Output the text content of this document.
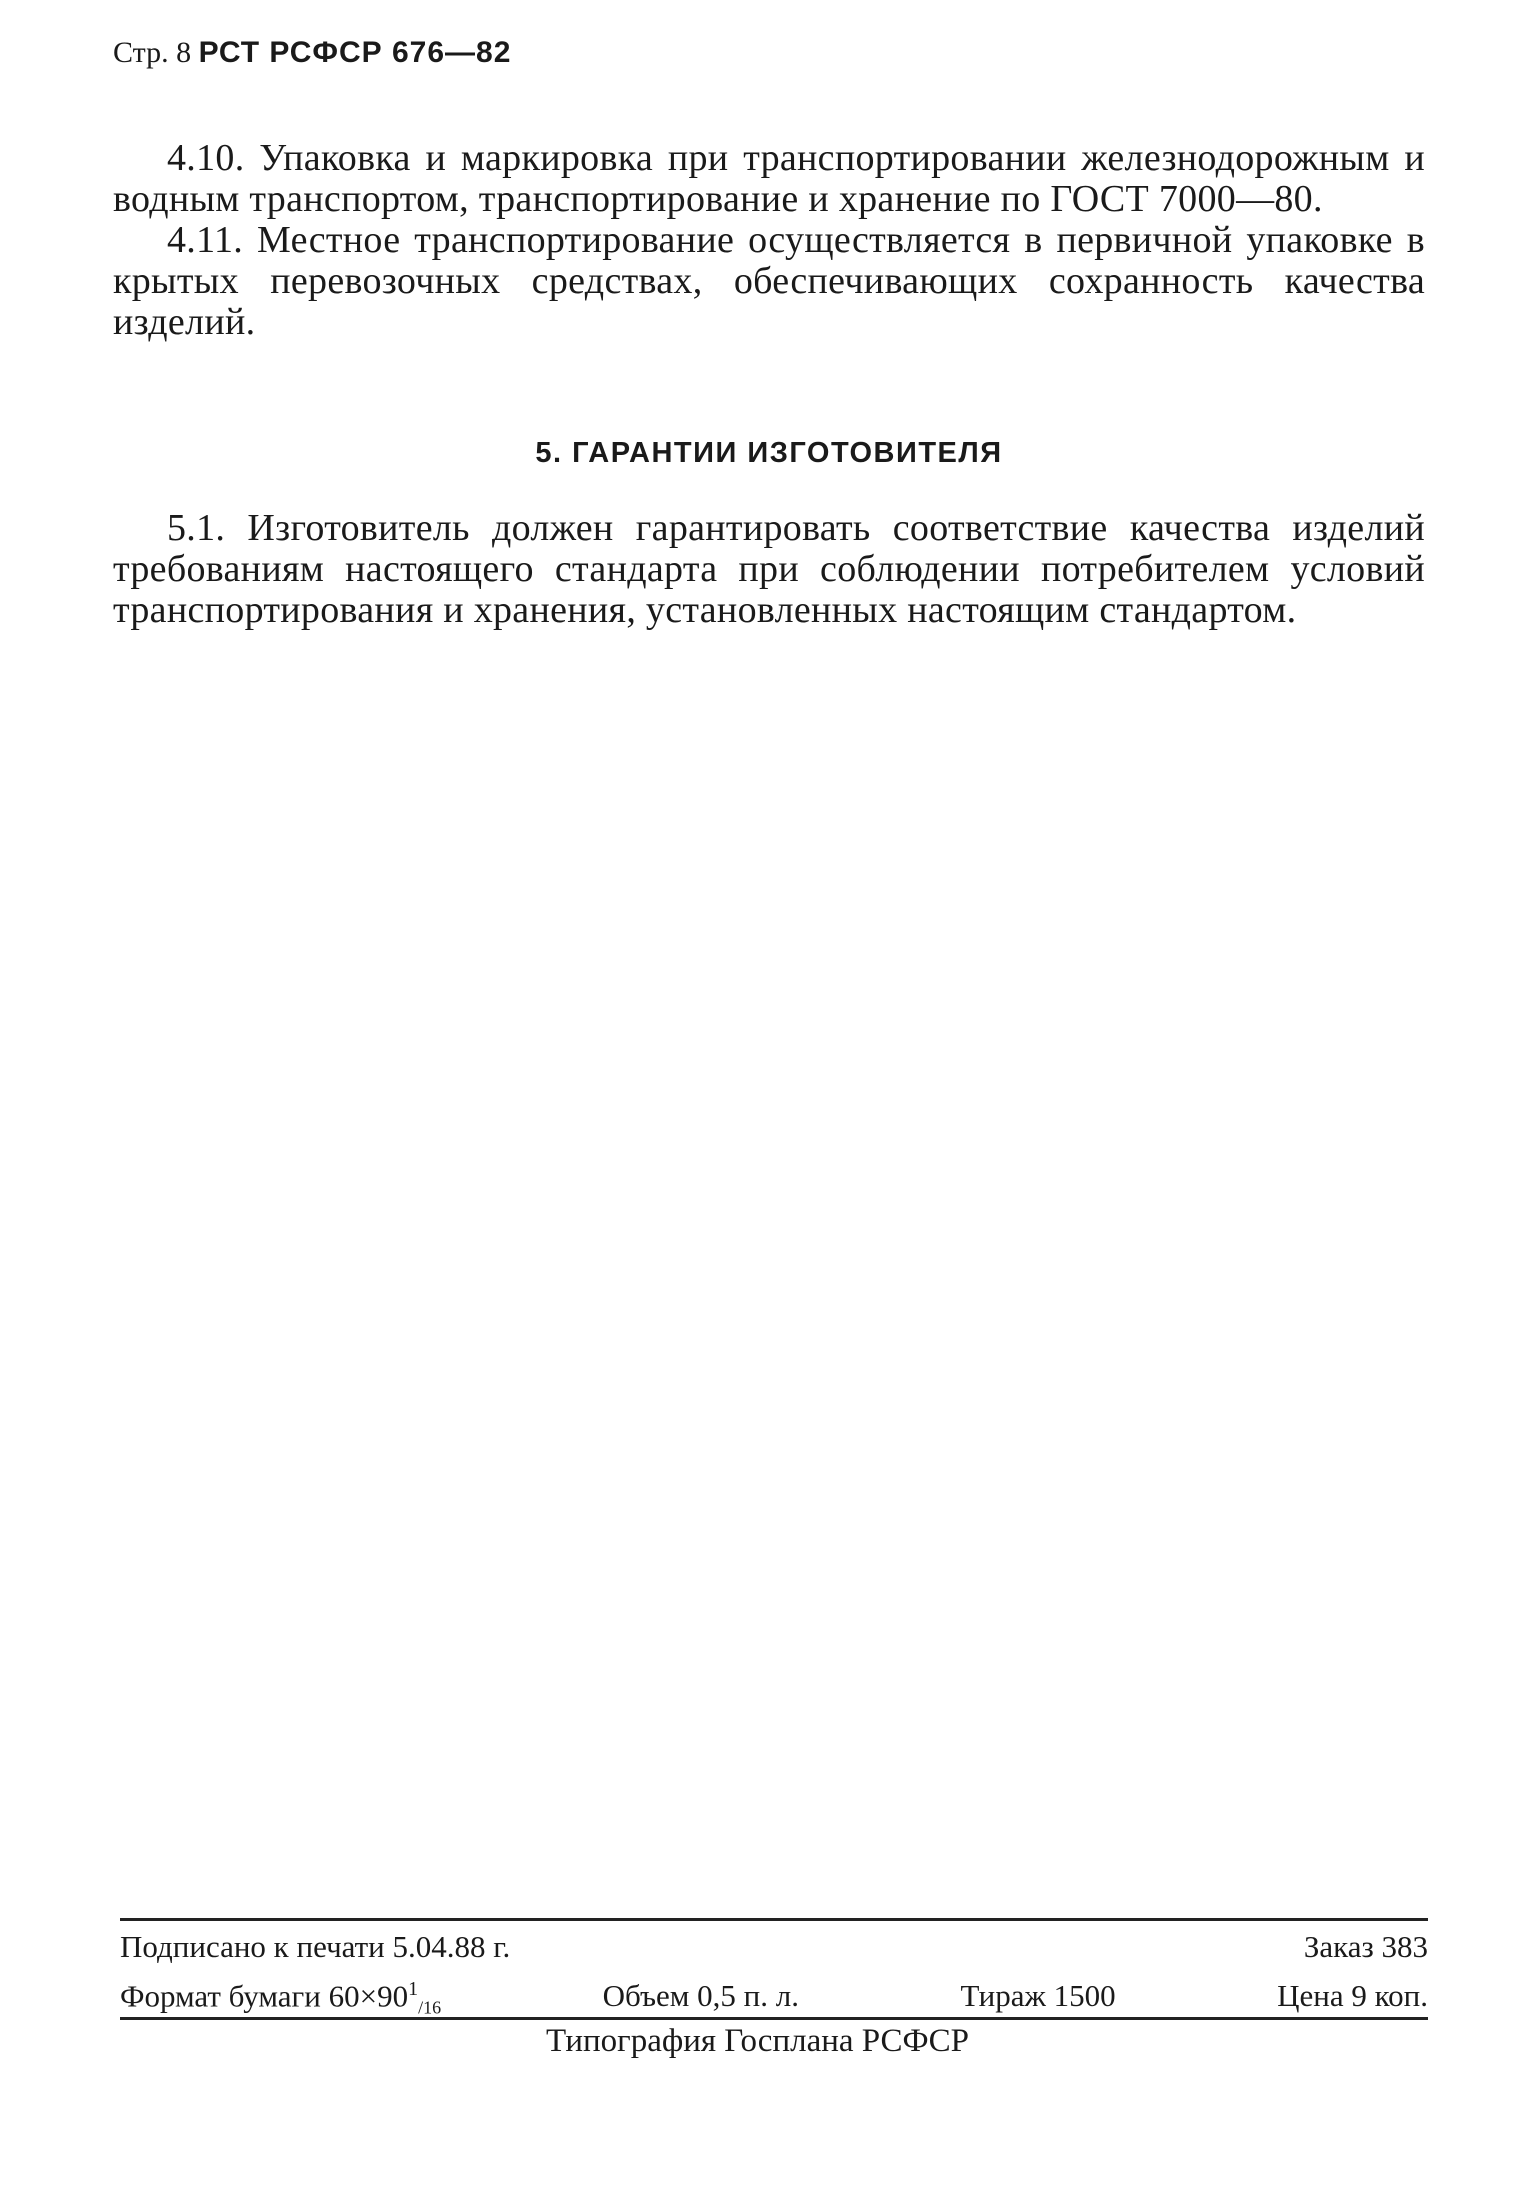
Стр. 8 РСТ РСФСР 676—82

4.10. Упаковка и маркировка при транспортировании железнодорожным и водным транспортом, транспортирование и хранение по ГОСТ 7000—80.

4.11. Местное транспортирование осуществляется в первичной упаковке в крытых перевозочных средствах, обеспечивающих сохранность качества изделий.

5. ГАРАНТИИ ИЗГОТОВИТЕЛЯ

5.1. Изготовитель должен гарантировать соответствие качества изделий требованиям настоящего стандарта при соблюдении потребителем условий транспортирования и хранения, установленных настоящим стандартом.

Подписано к печати 5.04.88 г.	Заказ 383
Формат бумаги $60\times 90^1_{/16}$	Объем 0,5 п. л.	Тираж 1500	Цена 9 коп.
Типография Госплана РСФСР
